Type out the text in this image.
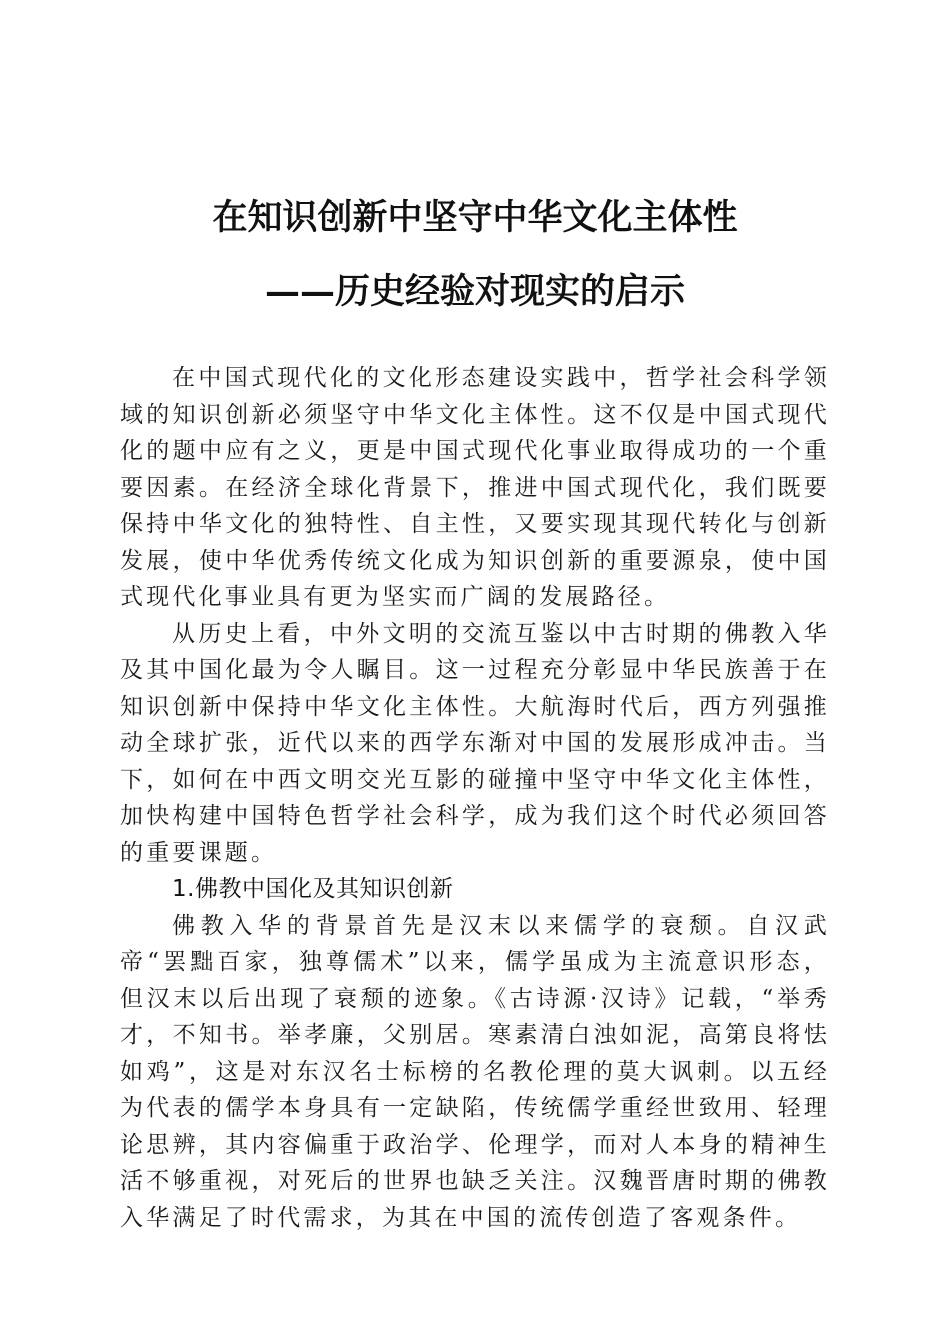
在知识创新中坚守中华文化主体性
——历史经验对现实的启示

在中国式现代化的文化形态建设实践中，哲学社会科学领域的知识创新必须坚守中华文化主体性。这不仅是中国式现代化的题中应有之义，更是中国式现代化事业取得成功的一个重要因素。在经济全球化背景下，推进中国式现代化，我们既要保持中华文化的独特性、自主性，又要实现其现代转化与创新发展，使中华优秀传统文化成为知识创新的重要源泉，使中国式现代化事业具有更为坚实而广阔的发展路径。

从历史上看，中外文明的交流互鉴以中古时期的佛教入华及其中国化最为令人瞩目。这一过程充分彰显中华民族善于在知识创新中保持中华文化主体性。大航海时代后，西方列强推动全球扩张，近代以来的西学东渐对中国的发展形成冲击。当下，如何在中西文明交光互影的碰撞中坚守中华文化主体性，加快构建中国特色哲学社会科学，成为我们这个时代必须回答的重要课题。

1.佛教中国化及其知识创新

佛教入华的背景首先是汉末以来儒学的衰颓。自汉武帝“罢黜百家，独尊儒术”以来，儒学虽成为主流意识形态，但汉末以后出现了衰颓的迹象。《古诗源·汉诗》记载，“举秀才，不知书。举孝廉，父别居。寒素清白浊如泥，高第良将怯如鸡”，这是对东汉名士标榜的名教伦理的莫大讽刺。以五经为代表的儒学本身具有一定缺陷，传统儒学重经世致用、轻理论思辨，其内容偏重于政治学、伦理学，而对人本身的精神生活不够重视，对死后的世界也缺乏关注。汉魏晋唐时期的佛教入华满足了时代需求，为其在中国的流传创造了客观条件。
